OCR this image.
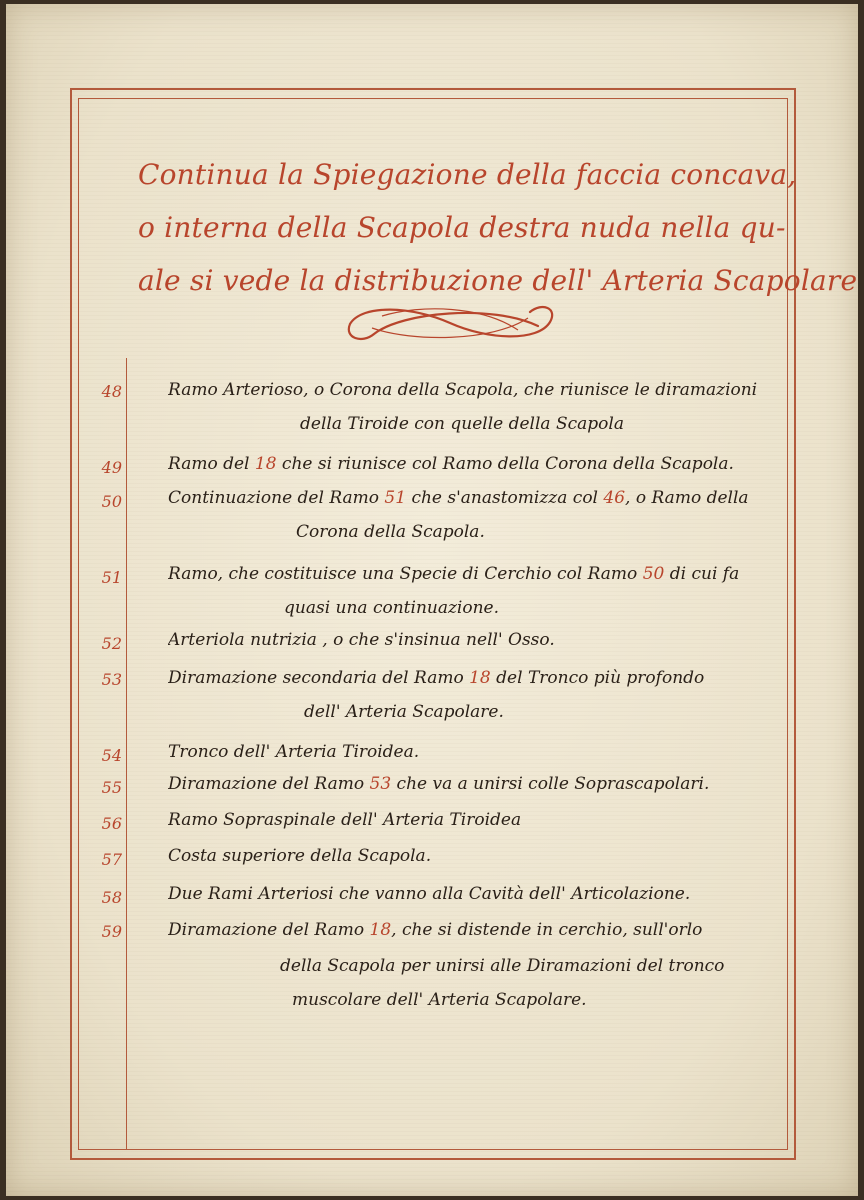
Continua la Spiegazione della faccia concava,
o interna della Scapola destra nuda nella qu-
ale si vede la distribuzione dell' Arteria Scapolare
48	Ramo Arterioso, o Corona della Scapola, che riunisce le diramazioni
della Tiroide con quelle della Scapola
49	Ramo del 18 che si riunisce col Ramo della Corona della Scapola.
50	Continuazione del Ramo 51 che s'anastomizza col 46, o Ramo della
Corona della Scapola.
51	Ramo, che costituisce una Specie di Cerchio col Ramo 50 di cui fa
quasi una continuazione.
52	Arteriola nutrizia , o che s'insinua nell' Osso.
53	Diramazione secondaria del Ramo 18 del Tronco più profondo
dell' Arteria Scapolare.
54	Tronco dell' Arteria Tiroidea.
55	Diramazione del Ramo 53 che va a unirsi colle Soprascapolari.
56	Ramo Sopraspinale dell' Arteria Tiroidea
57	Costa superiore della Scapola.
58	Due Rami Arteriosi che vanno alla Cavità dell' Articolazione.
59	Diramazione del Ramo 18, che si distende in cerchio, sull'orlo
della Scapola per unirsi alle Diramazioni del tronco
muscolare dell' Arteria Scapolare.
